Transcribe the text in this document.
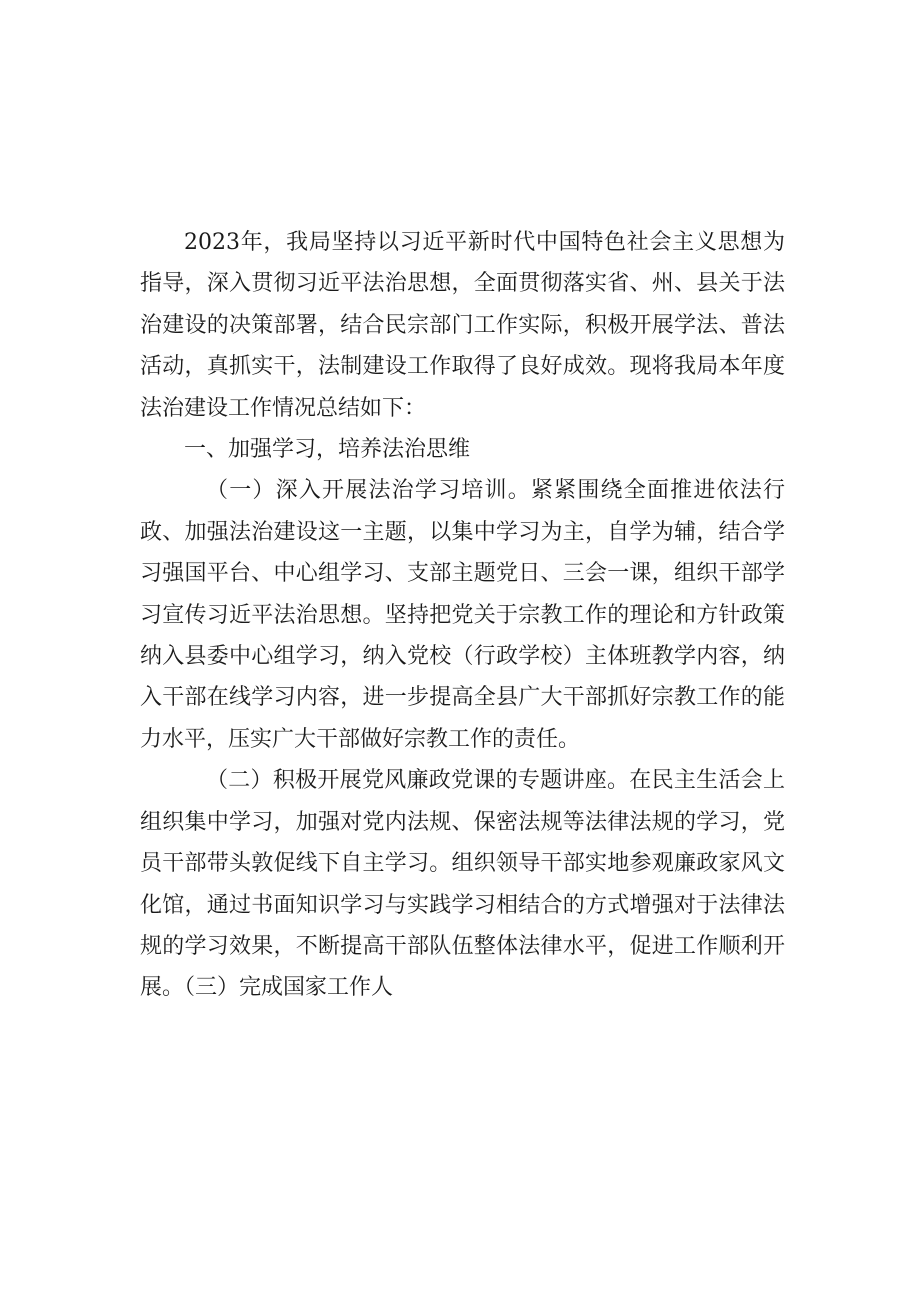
2023年，我局坚持以习近平新时代中国特色社会主义思想为指导，深入贯彻习近平法治思想，全面贯彻落实省、州、县关于法治建设的决策部署，结合民宗部门工作实际，积极开展学法、普法活动，真抓实干，法制建设工作取得了良好成效。现将我局本年度法治建设工作情况总结如下：

一、加强学习，培养法治思维

（一）深入开展法治学习培训。紧紧围绕全面推进依法行政、加强法治建设这一主题，以集中学习为主，自学为辅，结合学习强国平台、中心组学习、支部主题党日、三会一课，组织干部学习宣传习近平法治思想。坚持把党关于宗教工作的理论和方针政策纳入县委中心组学习，纳入党校（行政学校）主体班教学内容，纳入干部在线学习内容，进一步提高全县广大干部抓好宗教工作的能力水平，压实广大干部做好宗教工作的责任。

（二）积极开展党风廉政党课的专题讲座。在民主生活会上组织集中学习，加强对党内法规、保密法规等法律法规的学习，党员干部带头敦促线下自主学习。组织领导干部实地参观廉政家风文化馆，通过书面知识学习与实践学习相结合的方式增强对于法律法规的学习效果，不断提高干部队伍整体法律水平，促进工作顺利开展。（三）完成国家工作人
